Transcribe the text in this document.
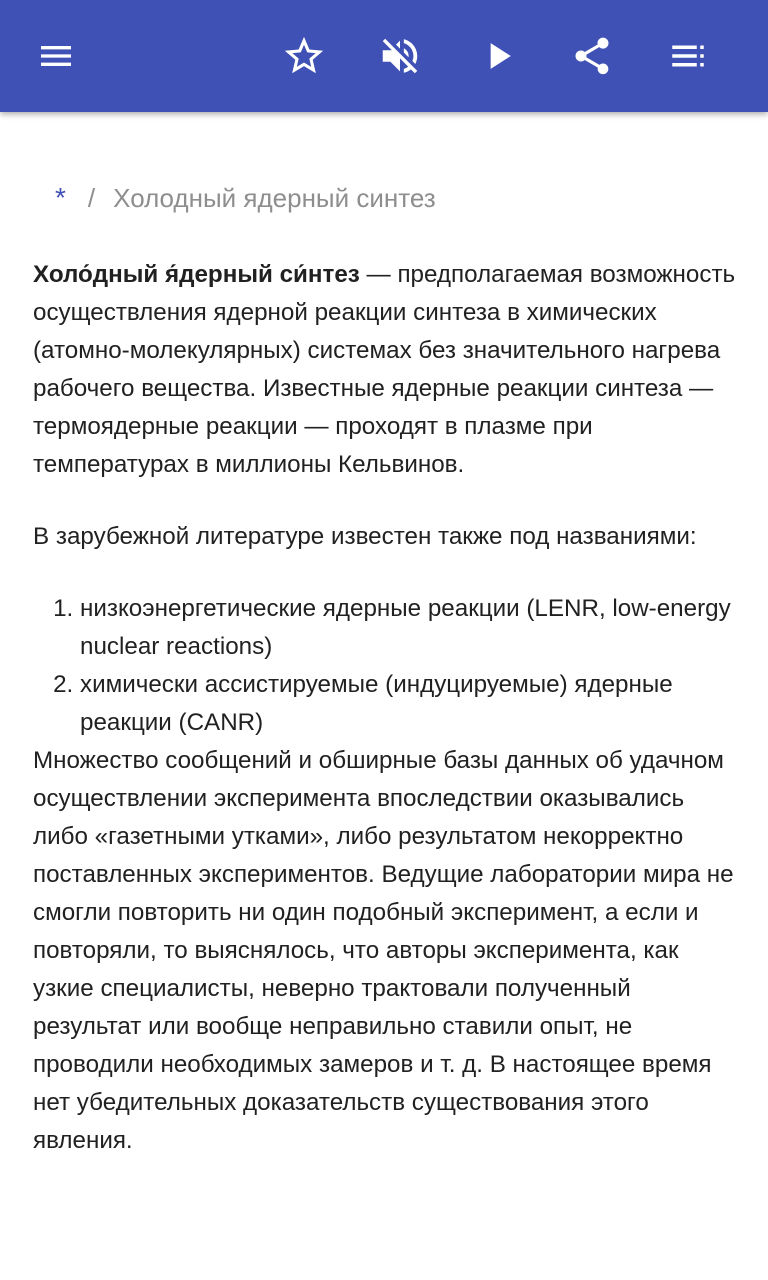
* / Холодный ядерный синтез

Холо́дный я́дерный си́нтез — предполагаемая возможность осуществления ядерной реакции синтеза в химических (атомно-молекулярных) системах без значительного нагрева рабочего вещества. Известные ядерные реакции синтеза — термоядерные реакции — проходят в плазме при температурах в миллионы Кельвинов.

В зарубежной литературе известен также под названиями:

1. низкоэнергетические ядерные реакции (LENR, low-energy nuclear reactions)
2. химически ассистируемые (индуцируемые) ядерные реакции (CANR)

Множество сообщений и обширные базы данных об удачном осуществлении эксперимента впоследствии оказывались либо «газетными утками», либо результатом некорректно поставленных экспериментов. Ведущие лаборатории мира не смогли повторить ни один подобный эксперимент, а если и повторяли, то выяснялось, что авторы эксперимента, как узкие специалисты, неверно трактовали полученный результат или вообще неправильно ставили опыт, не проводили необходимых замеров и т. д. В настоящее время нет убедительных доказательств существования этого явления.
